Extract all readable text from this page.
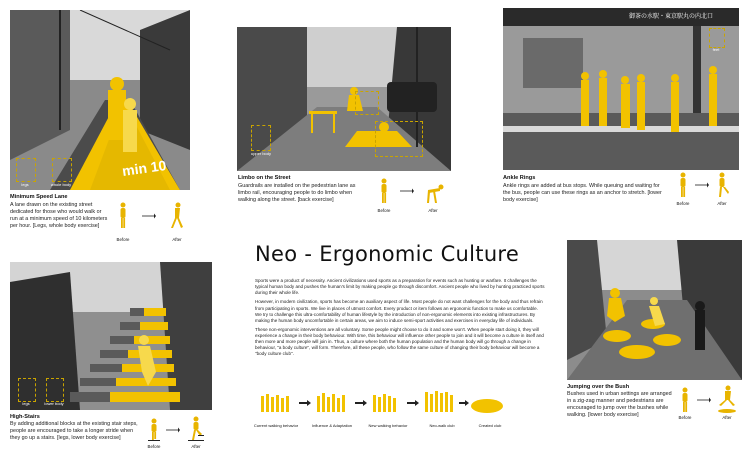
min 10
legs	whole body
Minimum Speed Lane
A lane drawn on the existing street dedicated for those who would walk or run at a minimum speed of 10 kilometers per hour. [Legs, whole body exercise]
Before	After
upper body
Limbo on the Street
Guardrails are installed on the pedestrian lane as limbo rail, encouraging people to do limbo when walking along the street. [back exercise]
Before	After
御茶の水駅・東京駅丸の内北口
feet
Ankle Rings
Ankle rings are added at bus stops. While queuing and waiting for the bus, people can use these rings as an anchor to stretch. [lower body exercise]
Before	After
Neo - Ergonomic Culture

Sports were a product of necessity. Ancient civilizations used sports as a preparation for events such as hunting or warfare. It challenges the typical human body and pushes the human's limit by making people go through discomfort. Ancient people who lived by hunting practiced sports during their whole life.

However, in modern civilization, sports has become an auxiliary aspect of life. Most people do not want challenges for the body and thus refrain from participating in sports. We live in places of utmost comfort. Every product or item follows an ergonomic function to make us comfortable. We try to challenge this ultra-comfortability of human lifestyle by the introduction of non-ergonomic elements into existing infrastructures. By making the human body uncomfortable in certain areas, we aim to induce semi-sport activities and exercises in everyday life of individuals.

These non-ergonomic interventions are all voluntary. Some people might choose to do it and some won't. When people start doing it, they will experience a change in their body behaviour. With time, this behaviour will influence other people to join and it will become a culture in itself and then more and more people will join in. Thus, a culture where both the human population and the human body will go through a change in behaviour, "a body culture", will form. Therefore, all these people, who follow the same culture of changing their body behaviour will become a "body culture club".

Current walking behavior	Influence & Adaptation	New walking behavior	Neo-walk club	Created club
legs	lower body
High-Stairs
By adding additional blocks at the existing stair steps, people are encouraged to take a longer stride when they go up a stairs. [legs, lower body exercise]
Before	After
Jumping over the Bush
Bushes used in urban settings are arranged in a zig-zag manner and pedestrians are encouraged to jump over the bushes while walking. [lower body exercise]	Before	After
